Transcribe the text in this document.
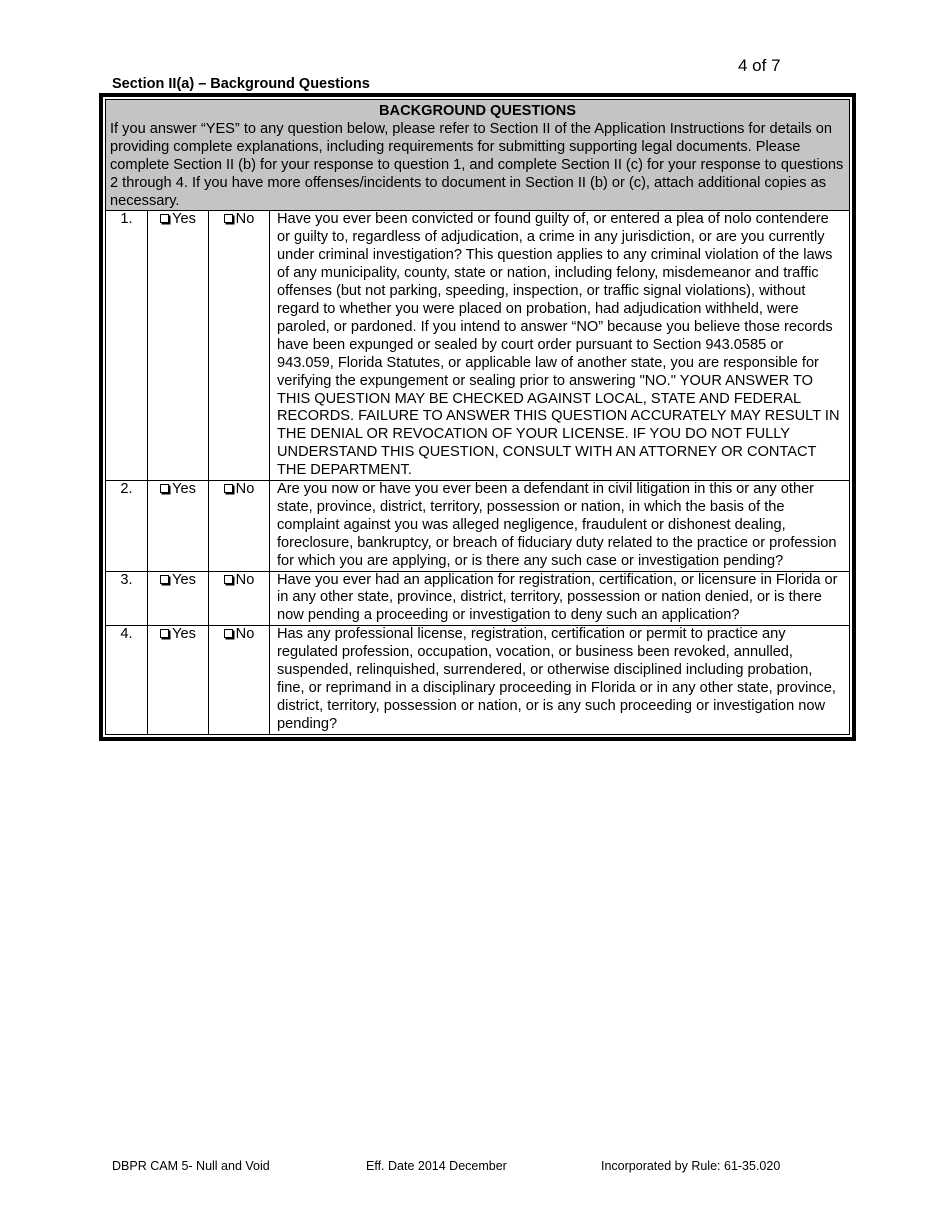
4 of 7
Section II(a) – Background Questions
BACKGROUND QUESTIONS
If you answer “YES” to any question below, please refer to Section II of the Application Instructions for details on providing complete explanations, including requirements for submitting supporting legal documents. Please complete Section II (b) for your response to question 1, and complete Section II (c) for your response to questions 2 through 4. If you have more offenses/incidents to document in Section II (b) or (c), attach additional copies as necessary.			

1.	Yes	No	Have you ever been convicted or found guilty of, or entered a plea of nolo contendere or guilty to, regardless of adjudication, a crime in any jurisdiction, or are you currently under criminal investigation? This question applies to any criminal violation of the laws of any municipality, county, state or nation, including felony, misdemeanor and traffic offenses (but not parking, speeding, inspection, or traffic signal violations), without regard to whether you were placed on probation, had adjudication withheld, were paroled, or pardoned. If you intend to answer “NO” because you believe those records have been expunged or sealed by court order pursuant to Section 943.0585 or 943.059, Florida Statutes, or applicable law of another state, you are responsible for verifying the expungement or sealing prior to answering "NO." YOUR ANSWER TO THIS QUESTION MAY BE CHECKED AGAINST LOCAL, STATE AND FEDERAL RECORDS. FAILURE TO ANSWER THIS QUESTION ACCURATELY MAY RESULT IN THE DENIAL OR REVOCATION OF YOUR LICENSE. IF YOU DO NOT FULLY UNDERSTAND THIS QUESTION, CONSULT WITH AN ATTORNEY OR CONTACT THE DEPARTMENT.
2.	Yes	No	Are you now or have you ever been a defendant in civil litigation in this or any other state, province, district, territory, possession or nation, in which the basis of the complaint against you was alleged negligence, fraudulent or dishonest dealing, foreclosure, bankruptcy, or breach of fiduciary duty related to the practice or profession for which you are applying, or is there any such case or investigation pending?
3.	Yes	No	Have you ever had an application for registration, certification, or licensure in Florida or in any other state, province, district, territory, possession or nation denied, or is there now pending a proceeding or investigation to deny such an application?
4.	Yes	No	Has any professional license, registration, certification or permit to practice any regulated profession, occupation, vocation, or business been revoked, annulled, suspended, relinquished, surrendered, or otherwise disciplined including probation, fine, or reprimand in a disciplinary proceeding in Florida or in any other state, province, district, territory, possession or nation, or is any such proceeding or investigation now pending?
DBPR CAM 5- Null and Void	Eff. Date 2014 December	Incorporated by Rule: 61-35.020
